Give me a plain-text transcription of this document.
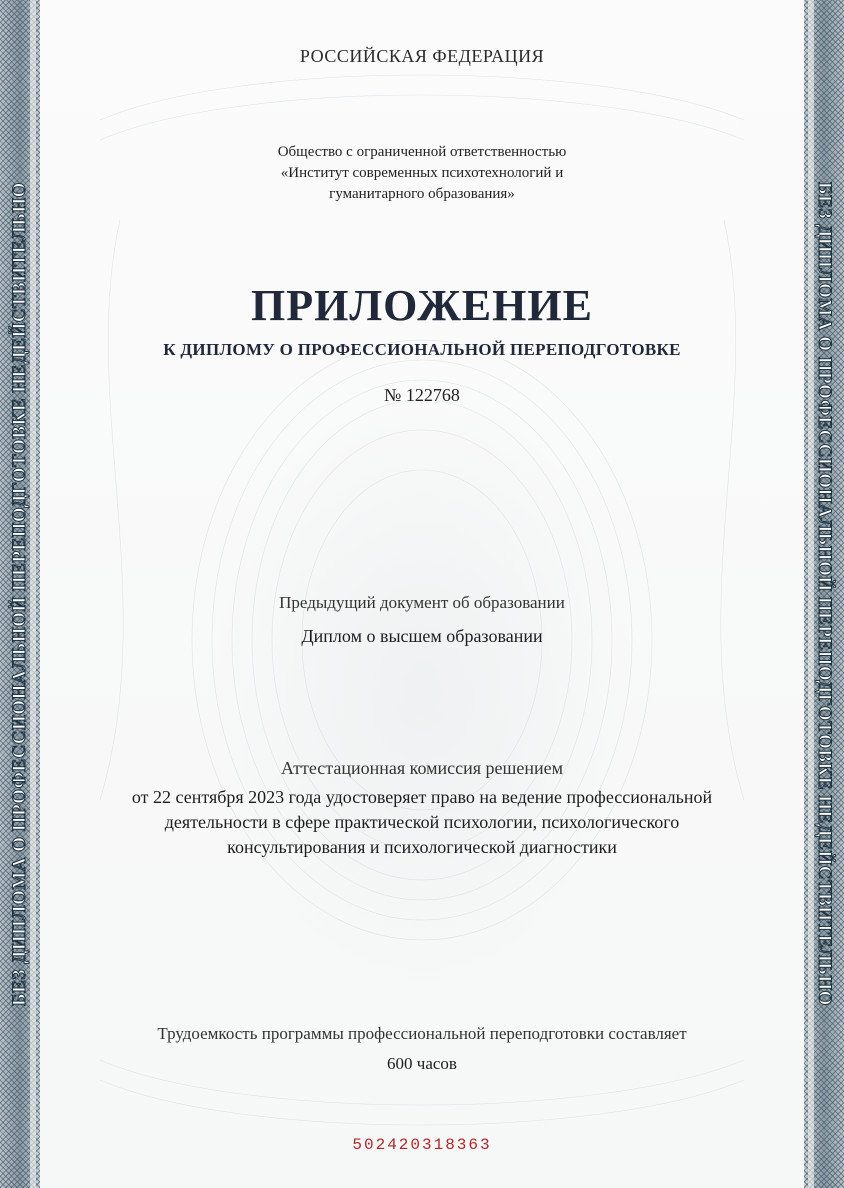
БЕЗ ДИПЛОМА О ПРОФЕССИОНАЛЬНОЙ ПЕРЕПОДГОТОВКЕ НЕДЕЙСТВИТЕЛЬНО	БЕЗ ДИПЛОМА О ПРОФЕССИОНАЛЬНОЙ ПЕРЕПОДГОТОВКЕ НЕДЕЙСТВИТЕЛЬНО
РОССИЙСКАЯ ФЕДЕРАЦИЯ
Общество с ограниченной ответственностью
«Институт современных психотехнологий и
гуманитарного образования»
ПРИЛОЖЕНИЕ
К ДИПЛОМУ О ПРОФЕССИОНАЛЬНОЙ ПЕРЕПОДГОТОВКЕ
№ 122768
Предыдущий документ об образовании
Диплом о высшем образовании
Аттестационная комиссия решением
от 22 сентября 2023 года удостоверяет право на ведение профессиональной
деятельности в сфере практической психологии, психологического
консультирования и психологической диагностики
Трудоемкость программы профессиональной переподготовки составляет
600 часов
502420318363
